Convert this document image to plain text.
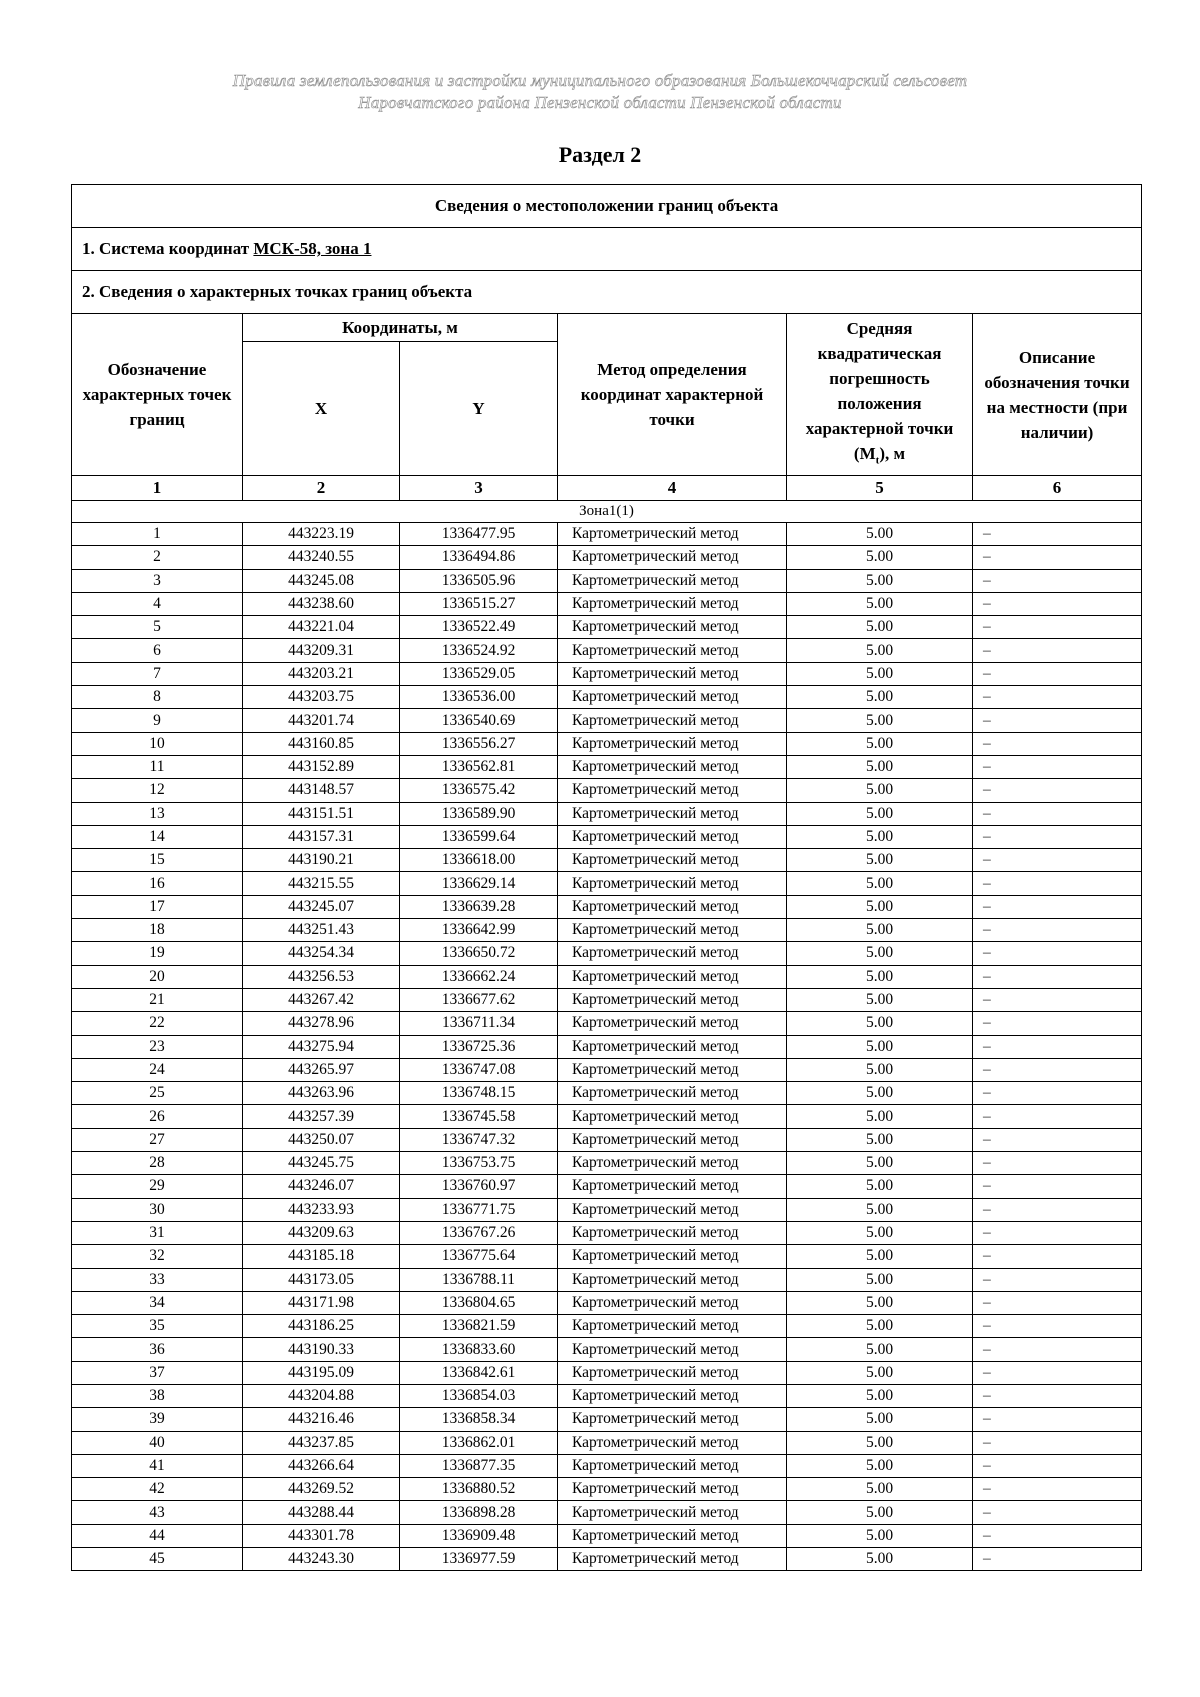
Правила землепользования и застройки муниципального образования Большекоччарский сельсовет
Наровчатского района Пензенской области Пензенской области
Раздел 2
Сведения о местоположении границ объекта					
1. Система координат МСК-58, зона 1					
2. Сведения о характерных точках границ объекта					
Обозначение характерных точек границ	Координаты, м		Метод определения координат характерной точки	Средняя квадратическая погрешность положения характерной точки $(M_t)$, м	Описание обозначения точки на местности (при наличии)
	X	Y			
1	2	3	4	5	6
Зона1(1)					
1	443223.19	1336477.95	Картометрический метод	5.00	–
2	443240.55	1336494.86	Картометрический метод	5.00	–
3	443245.08	1336505.96	Картометрический метод	5.00	–
4	443238.60	1336515.27	Картометрический метод	5.00	–
5	443221.04	1336522.49	Картометрический метод	5.00	–
6	443209.31	1336524.92	Картометрический метод	5.00	–
7	443203.21	1336529.05	Картометрический метод	5.00	–
8	443203.75	1336536.00	Картометрический метод	5.00	–
9	443201.74	1336540.69	Картометрический метод	5.00	–
10	443160.85	1336556.27	Картометрический метод	5.00	–
11	443152.89	1336562.81	Картометрический метод	5.00	–
12	443148.57	1336575.42	Картометрический метод	5.00	–
13	443151.51	1336589.90	Картометрический метод	5.00	–
14	443157.31	1336599.64	Картометрический метод	5.00	–
15	443190.21	1336618.00	Картометрический метод	5.00	–
16	443215.55	1336629.14	Картометрический метод	5.00	–
17	443245.07	1336639.28	Картометрический метод	5.00	–
18	443251.43	1336642.99	Картометрический метод	5.00	–
19	443254.34	1336650.72	Картометрический метод	5.00	–
20	443256.53	1336662.24	Картометрический метод	5.00	–
21	443267.42	1336677.62	Картометрический метод	5.00	–
22	443278.96	1336711.34	Картометрический метод	5.00	–
23	443275.94	1336725.36	Картометрический метод	5.00	–
24	443265.97	1336747.08	Картометрический метод	5.00	–
25	443263.96	1336748.15	Картометрический метод	5.00	–
26	443257.39	1336745.58	Картометрический метод	5.00	–
27	443250.07	1336747.32	Картометрический метод	5.00	–
28	443245.75	1336753.75	Картометрический метод	5.00	–
29	443246.07	1336760.97	Картометрический метод	5.00	–
30	443233.93	1336771.75	Картометрический метод	5.00	–
31	443209.63	1336767.26	Картометрический метод	5.00	–
32	443185.18	1336775.64	Картометрический метод	5.00	–
33	443173.05	1336788.11	Картометрический метод	5.00	–
34	443171.98	1336804.65	Картометрический метод	5.00	–
35	443186.25	1336821.59	Картометрический метод	5.00	–
36	443190.33	1336833.60	Картометрический метод	5.00	–
37	443195.09	1336842.61	Картометрический метод	5.00	–
38	443204.88	1336854.03	Картометрический метод	5.00	–
39	443216.46	1336858.34	Картометрический метод	5.00	–
40	443237.85	1336862.01	Картометрический метод	5.00	–
41	443266.64	1336877.35	Картометрический метод	5.00	–
42	443269.52	1336880.52	Картометрический метод	5.00	–
43	443288.44	1336898.28	Картометрический метод	5.00	–
44	443301.78	1336909.48	Картометрический метод	5.00	–
45	443243.30	1336977.59	Картометрический метод	5.00	–
